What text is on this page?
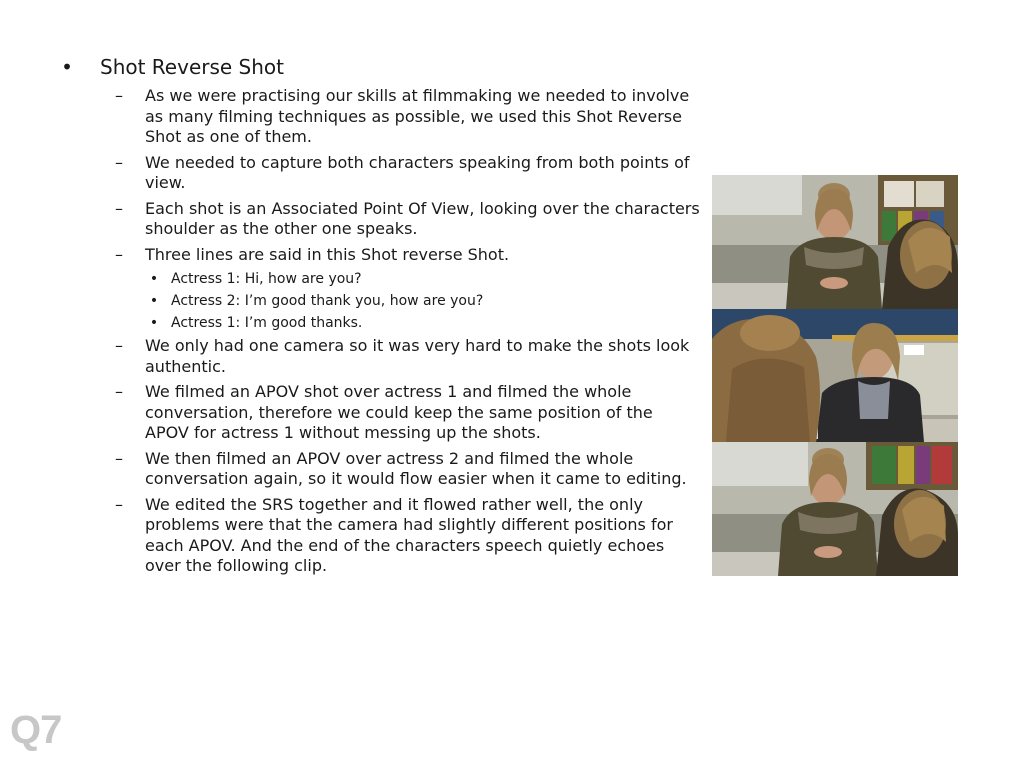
• Shot Reverse Shot
– As we were practising our skills at filmmaking we needed to involve as many filming techniques as possible, we used this Shot Reverse Shot as one of them.
– We needed to capture both characters speaking from both points of view.
– Each shot is an Associated Point Of View, looking over the characters shoulder as the other one speaks.
– Three lines are said in this Shot reverse Shot.
• Actress 1: Hi, how are you?
• Actress 2: I’m good thank you, how are you?
• Actress 1: I’m good thanks.
– We only had one camera so it was very hard to make the shots look authentic.
– We filmed an APOV shot over actress 1 and filmed the whole conversation, therefore we could keep the same position of the APOV for actress 1 without messing up the shots.
– We then filmed an APOV over actress 2 and filmed the whole conversation again, so it would flow easier when it came to editing.
– We edited the SRS together and it flowed rather well, the only problems were that the camera had slightly different positions for each APOV. And the end of the characters speech quietly echoes over the following clip.
Q7
